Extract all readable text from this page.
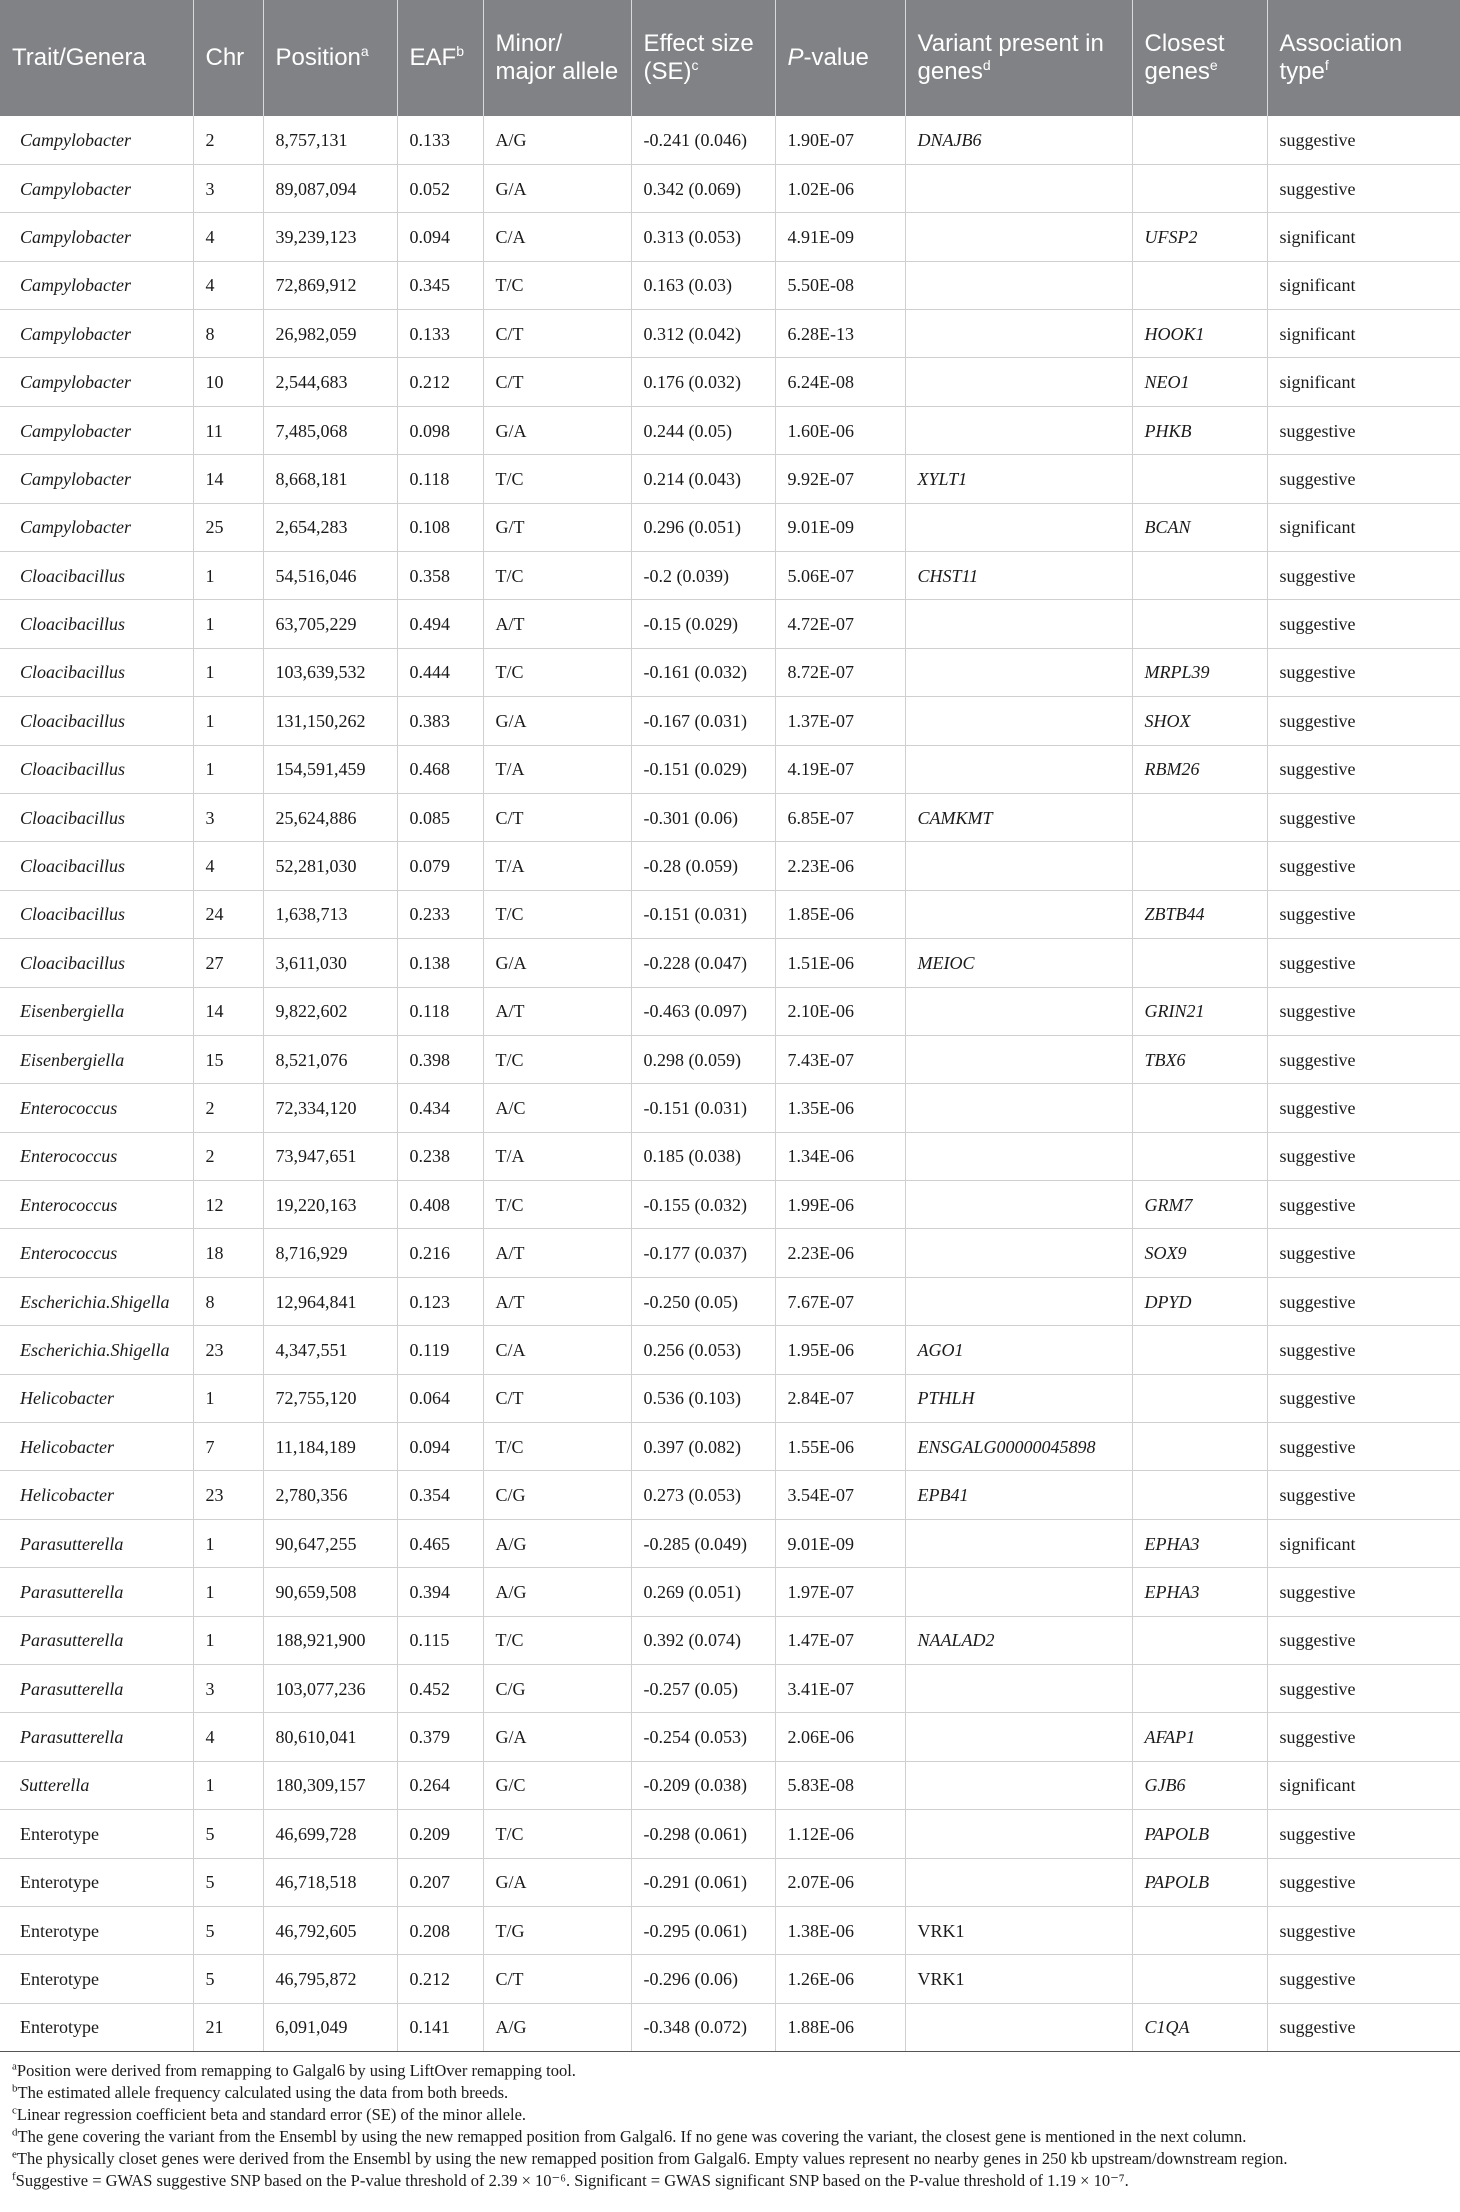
Trait/Genera	Chr	Position$^a$	EAF$^b$	Minor/ major allele	Effect size (SE)$^c$	P-value	Variant present in genes$^d$	Closest genes$^e$	Association type$^f$
Campylobacter	2	8,757,131	0.133	A/G	-0.241 (0.046)	1.90E-07	DNAJB6		suggestive
Campylobacter	3	89,087,094	0.052	G/A	0.342 (0.069)	1.02E-06			suggestive
Campylobacter	4	39,239,123	0.094	C/A	0.313 (0.053)	4.91E-09		UFSP2	significant
Campylobacter	4	72,869,912	0.345	T/C	0.163 (0.03)	5.50E-08			significant
Campylobacter	8	26,982,059	0.133	C/T	0.312 (0.042)	6.28E-13		HOOK1	significant
Campylobacter	10	2,544,683	0.212	C/T	0.176 (0.032)	6.24E-08		NEO1	significant
Campylobacter	11	7,485,068	0.098	G/A	0.244 (0.05)	1.60E-06		PHKB	suggestive
Campylobacter	14	8,668,181	0.118	T/C	0.214 (0.043)	9.92E-07	XYLT1		suggestive
Campylobacter	25	2,654,283	0.108	G/T	0.296 (0.051)	9.01E-09		BCAN	significant
Cloacibacillus	1	54,516,046	0.358	T/C	-0.2 (0.039)	5.06E-07	CHST11		suggestive
Cloacibacillus	1	63,705,229	0.494	A/T	-0.15 (0.029)	4.72E-07			suggestive
Cloacibacillus	1	103,639,532	0.444	T/C	-0.161 (0.032)	8.72E-07		MRPL39	suggestive
Cloacibacillus	1	131,150,262	0.383	G/A	-0.167 (0.031)	1.37E-07		SHOX	suggestive
Cloacibacillus	1	154,591,459	0.468	T/A	-0.151 (0.029)	4.19E-07		RBM26	suggestive
Cloacibacillus	3	25,624,886	0.085	C/T	-0.301 (0.06)	6.85E-07	CAMKMT		suggestive
Cloacibacillus	4	52,281,030	0.079	T/A	-0.28 (0.059)	2.23E-06			suggestive
Cloacibacillus	24	1,638,713	0.233	T/C	-0.151 (0.031)	1.85E-06		ZBTB44	suggestive
Cloacibacillus	27	3,611,030	0.138	G/A	-0.228 (0.047)	1.51E-06	MEIOC		suggestive
Eisenbergiella	14	9,822,602	0.118	A/T	-0.463 (0.097)	2.10E-06		GRIN21	suggestive
Eisenbergiella	15	8,521,076	0.398	T/C	0.298 (0.059)	7.43E-07		TBX6	suggestive
Enterococcus	2	72,334,120	0.434	A/C	-0.151 (0.031)	1.35E-06			suggestive
Enterococcus	2	73,947,651	0.238	T/A	0.185 (0.038)	1.34E-06			suggestive
Enterococcus	12	19,220,163	0.408	T/C	-0.155 (0.032)	1.99E-06		GRM7	suggestive
Enterococcus	18	8,716,929	0.216	A/T	-0.177 (0.037)	2.23E-06		SOX9	suggestive
Escherichia.Shigella	8	12,964,841	0.123	A/T	-0.250 (0.05)	7.67E-07		DPYD	suggestive
Escherichia.Shigella	23	4,347,551	0.119	C/A	0.256 (0.053)	1.95E-06	AGO1		suggestive
Helicobacter	1	72,755,120	0.064	C/T	0.536 (0.103)	2.84E-07	PTHLH		suggestive
Helicobacter	7	11,184,189	0.094	T/C	0.397 (0.082)	1.55E-06	ENSGALG00000045898		suggestive
Helicobacter	23	2,780,356	0.354	C/G	0.273 (0.053)	3.54E-07	EPB41		suggestive
Parasutterella	1	90,647,255	0.465	A/G	-0.285 (0.049)	9.01E-09		EPHA3	significant
Parasutterella	1	90,659,508	0.394	A/G	0.269 (0.051)	1.97E-07		EPHA3	suggestive
Parasutterella	1	188,921,900	0.115	T/C	0.392 (0.074)	1.47E-07	NAALAD2		suggestive
Parasutterella	3	103,077,236	0.452	C/G	-0.257 (0.05)	3.41E-07			suggestive
Parasutterella	4	80,610,041	0.379	G/A	-0.254 (0.053)	2.06E-06		AFAP1	suggestive
Sutterella	1	180,309,157	0.264	G/C	-0.209 (0.038)	5.83E-08		GJB6	significant
Enterotype	5	46,699,728	0.209	T/C	-0.298 (0.061)	1.12E-06		PAPOLB	suggestive
Enterotype	5	46,718,518	0.207	G/A	-0.291 (0.061)	2.07E-06		PAPOLB	suggestive
Enterotype	5	46,792,605	0.208	T/G	-0.295 (0.061)	1.38E-06	VRK1		suggestive
Enterotype	5	46,795,872	0.212	C/T	-0.296 (0.06)	1.26E-06	VRK1		suggestive
Enterotype	21	6,091,049	0.141	A/G	-0.348 (0.072)	1.88E-06		C1QA	suggestive

$^a$Position were derived from remapping to Galgal6 by using LiftOver remapping tool.

$^b$The estimated allele frequency calculated using the data from both breeds.

$^c$Linear regression coefficient beta and standard error (SE) of the minor allele.

$^d$The gene covering the variant from the Ensembl by using the new remapped position from Galgal6. If no gene was covering the variant, the closest gene is mentioned in the next column.

$^e$The physically closet genes were derived from the Ensembl by using the new remapped position from Galgal6. Empty values represent no nearby genes in 250 kb upstream/downstream region.

$^f$Suggestive = GWAS suggestive SNP based on the P-value threshold of 2.39 × 10⁻⁶. Significant = GWAS significant SNP based on the P-value threshold of 1.19 × 10⁻⁷.
